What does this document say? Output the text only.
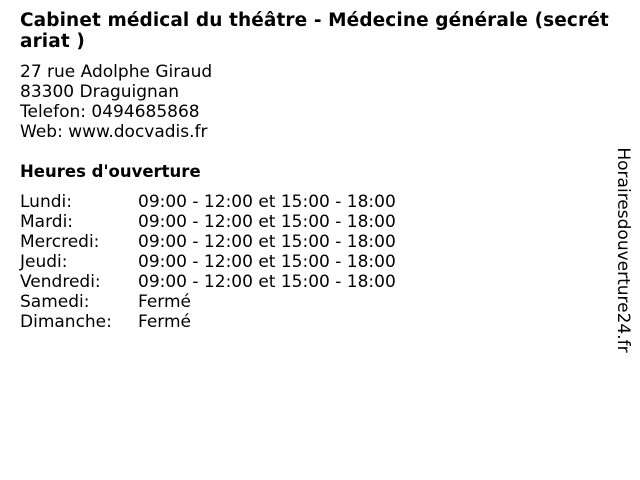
Cabinet médical du théâtre - Médecine générale (secrétariat )
27 rue Adolphe Giraud
83300 Draguignan
Telefon: 0494685868
Web: www.docvadis.fr
Heures d'ouverture
Lundi:	09:00 - 12:00 et 15:00 - 18:00
Mardi:	09:00 - 12:00 et 15:00 - 18:00
Mercredi:	09:00 - 12:00 et 15:00 - 18:00
Jeudi:	09:00 - 12:00 et 15:00 - 18:00
Vendredi:	09:00 - 12:00 et 15:00 - 18:00
Samedi:	Fermé
Dimanche:	Fermé	Horairesdouverture24.fr
